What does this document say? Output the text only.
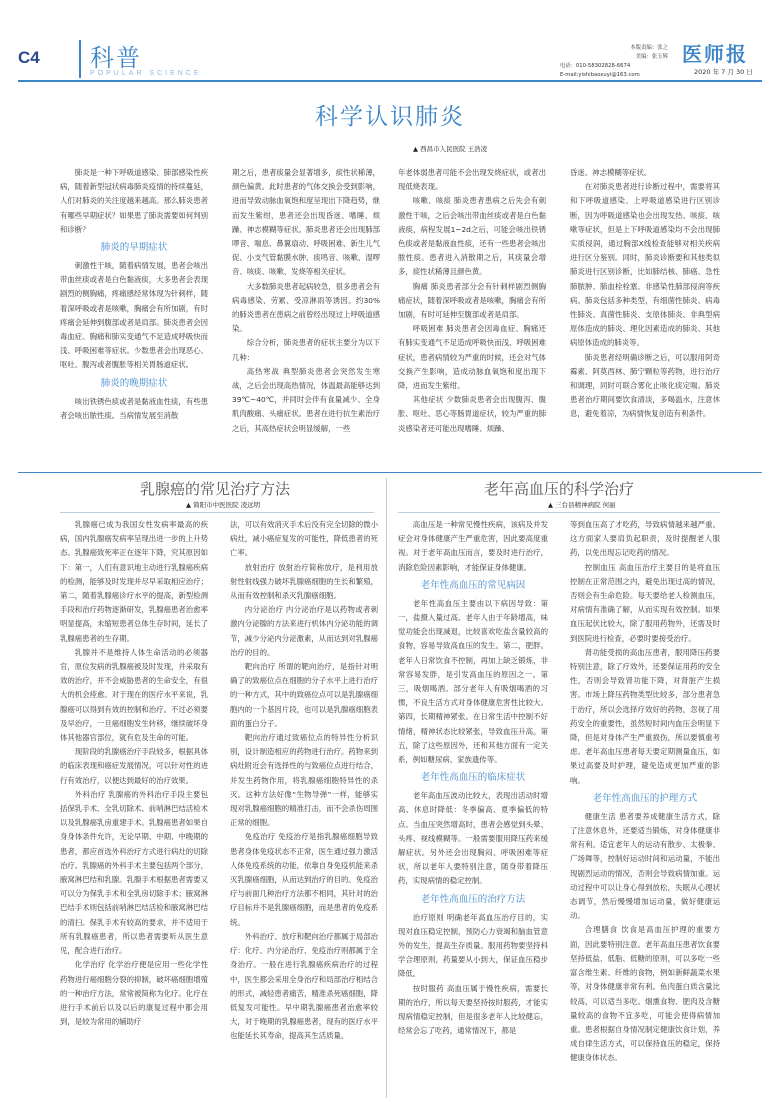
C4 科普
POPULAR SCIENCE
本版责编：张之
美编：张玉辉
电话：010-58302828-6674
E-mail:yishibaoxuyi@163.com
医师报
2020 年 7 月 30 日
科学认识肺炎
▲ 西昌市人民医院 王浩凌

肺炎是一种下呼吸道感染、肺部感染性疾病，随着新型冠状病毒肺炎疫情的持续蔓延，人们对肺炎的关注度越来越高。那么肺炎患者有哪些早期症状？如果患了肺炎需要如何判别和诊断？

肺炎的早期症状

刺激性干咳，随着病情发展，患者会咳出带血丝痰或者是白色黏液痰，大多患者会表现剧烈的侧胸痛，疼痛感经常体现为针刺样，随着深呼吸或者是咳嗽，胸痛会有所加剧，有时疼痛会延伸到腹部或者是肩部。肺炎患者会因毒血症、胸痛和肺实变通气不足造成呼吸快而浅、呼吸困难等症状。少数患者会出现恶心、呕吐、腹泻或者腹胀等相关胃肠道症状。

肺炎的晚期症状

咳出铁锈色痰或者是黏液血性痰，有些患者会咳出脓性痰。当病情发展至消散

期之后，患者痰量会显著增多，痰性状稀薄，颜色偏黄。此时患者的气体交换会受到影响，进而导致动脉血氧饱和度呈现出下降趋势，继而发生紫绀，患者还会出现昏迷、嗜睡、烦躁、神志模糊等症状。肺炎患者还会出现肺部啰音、喘息、鼻翼扇动、呼吸困难、新生儿气促、小支气管黏膜水肿、痰鸣音、咳嗽、湿啰音、咳痰、咳嗽、发烧等相关症状。

大多数肺炎患者起病较急，很多患者会有病毒感染、劳累、受凉淋雨等诱因。约30%的肺炎患者在患病之前曾经出现过上呼吸道感染。

综合分析，肺炎患者的症状主要分为以下几种：

高热寒战 典型肺炎患者会突然发生寒战，之后会出现高热情况，体温最高能够达到39℃~40℃，并同时会伴有食量减少、全身肌肉酸痛、头痛症状。患者在进行抗生素治疗之后，其高热症状会明显缓解，一些

年老体弱患者可能不会出现发烧症状，或者出现低烧表现。

咳嗽、咳痰 肺炎患者患病之后先会有刺激性干咳，之后会咳出带血丝痰或者是白色黏液痰，病程发展1~2d之后，可能会咳出铁锈色痰或者是黏液血性痰，还有一些患者会咳出脓性痰。患者进入消散期之后，其痰量会增多，痰性状稀薄且颜色黄。

胸痛 肺炎患者部分会有针刺样剧烈侧胸痛症状，随着深呼吸或者是咳嗽，胸痛会有所加剧，有时可延伸至腹部或者是肩部。

呼吸困难 肺炎患者会因毒血症、胸痛还有肺实变通气不足造成呼吸快而浅、呼吸困难症状，患者病情较为严重的时候，还会对气体交换产生影响，造成动脉血氧饱和度出现下降，进而发生紫绀。

其他症状 少数肺炎患者会出现腹泻、腹胀、呕吐、恶心等肠胃道症状，较为严重的肺炎感染者还可能出现嗜睡、烦躁、

昏迷、神志模糊等症状。

在对肺炎患者进行诊断过程中，需要将其和下呼吸道感染、上呼吸道感染进行区别诊断，因为呼吸道感染也会出现发热、咳痰、咳嗽等症状，但是上下呼吸道感染均不会出现肺实质侵润，通过胸部X线检查能够对相关疾病进行区分鉴别。同时，肺炎诊断要和其他类似肺炎进行区别诊断，比如肺结核、肺癌、急性肺脓肿、肺血栓栓塞、非感染性肺部侵润等疾病。肺炎包括多种类型，有细菌性肺炎、病毒性肺炎、真菌性肺炎、支原体肺炎、非典型病原体造成的肺炎、理化因素造成的肺炎、其他病原体造成的肺炎等。

肺炎患者经明确诊断之后，可以服用阿奇霉素、阿莫西林、肺宁颗粒等药物，进行治疗和调理，同时可联合雾化止咳化痰定喘。肺炎患者治疗期间要饮食清淡，多喝温水，注意休息，避免着凉，为病情恢复创造有利条件。

乳腺癌的常见治疗方法
▲ 简阳市中医医院 凌远明

乳腺癌已成为我国女性发病率最高的疾病，国内乳腺癌发病率呈现出进一步的上升势态。乳腺癌致死率正在逐年下降，究其原因如下：第一，人们有意识地主动进行乳腺癌疾病的检测，能够及时发现并尽早采取相应治疗；第二，随着乳腺癌诊疗水平的提高，新型检测手段和治疗药物逐渐研发，乳腺癌患者治愈率明显提高，未缩短患者总体生存时间，延长了乳腺癌患者的生存期。

乳腺并不是维持人体生命活动的必须器官，原位发病的乳腺癌被及时发现，并采取有效的治疗，并不会威胁患者的生命安全，有很大的机会痊愈。对于现在的医疗水平来说，乳腺癌可以得到有效的控制和治疗。不过必须要及早治疗，一旦癌细胞发生转移，继续破坏身体其他器官部位，就有危及生命的可能。

现阶段的乳腺癌治疗手段较多，根据具体的临床表现和癌症发展情况，可以针对性的进行有效治疗，以便达到最好的治疗效果。

外科治疗 乳腺癌的外科治疗手段主要包括保乳手术、全乳切除术、前哨淋巴结活检术以及乳腺癌乳房重建手术。乳腺癌患者如果自身身体条件允许，无论早期、中期、中晚期的患者，都应首选外科治疗方式进行病灶的切除治疗。乳腺癌的外科手术主要包括两个部分，腋窝淋巴结和乳腺。乳腺手术根据患者需要又可以分为保乳手术和全乳房切除手术；腋窝淋巴结手术则包括前哨淋巴结活检和腋窝淋巴结的清扫。保乳手术有较高的要求，并不适用于所有乳腺癌患者，所以患者需要听从医生意见，配合进行治疗。

化学治疗 化学治疗便是应用一些化学性药物进行癌细胞分裂的抑制，破坏癌细胞增殖的一种治疗方法，常常被简称为化疗。化疗在进行手术前后以及以后的康复过程中都会用到，是较为常用的辅助疗

法，可以有效消灭手术后没有完全切除的微小病灶，减小癌症复发的可能性，降低患者的死亡率。

放射治疗 放射治疗简称放疗，是利用放射性射线强力破坏乳腺癌细胞的生长和繁殖，从而有效控制和杀灭乳腺癌细胞。

内分泌治疗 内分泌治疗是以药物或者刺激内分泌腺的方法来进行机体内分泌功能的调节，减少分泌内分泌激素，从而达到对乳腺癌治疗的目的。

靶向治疗 所谓的靶向治疗，是指针对明确了的致癌位点在细胞的分子水平上进行治疗的一种方式，其中的致癌位点可以是乳腺癌细胞内的一个基因片段，也可以是乳腺癌细胞表面的蛋白分子。

靶向治疗通过致癌位点的特异性分析识别，设计制造相应的药物进行治疗。药物来到病灶附近会有选择性的与致癌位点进行结合，并发生药物作用，将乳腺癌细胞特异性的杀灭。这种方法好像“生物导弹”一样，能够实现对乳腺癌细胞的精准打击，而不会杀伤周围正常的细胞。

免疫治疗 免疫治疗是指乳腺癌细胞导致患者身体免疫状态不正常，医生通过强力激活人体免疫系统的功能，依靠自身免疫机能来杀灭乳腺癌细胞，从而达到治疗的目的。免疫治疗与前面几种治疗方法都不相同，其针对的治疗目标并不是乳腺癌细胞，而是患者的免疫系统。

外科治疗、放疗和靶向治疗都属于局部治疗：化疗、内分泌治疗、免疫治疗则都属于全身治疗。一般在进行乳腺癌疾病治疗的过程中，医生都会采用全身治疗和局部治疗相结合的形式，减轻患者痛苦，精准杀死癌细胞，降低复发可能性。早中期乳腺癌患者治愈率较大，对于晚期的乳腺癌患者，现有的医疗水平也能延长其寿命，提高其生活质量。

老年高血压的科学治疗
▲ 三台县精神病院 何丽

高血压是一种常见慢性疾病，该病及并发症会对身体健康产生严重危害，因此要高度重视。对于老年高血压而言，要及时进行治疗，消除危险因素影响，才能保证身体健康。

老年性高血压的常见病因

老年性高血压主要由以下病因导致：第一，盐摄入量过高。老年人由于年龄增高，味觉功能会出现减退，比较喜欢吃盐含量较高的食物，容易导致高血压的发生。第二，肥胖。老年人日常饮食不控制，再加上缺乏锻炼，非常容易发胖，是引发高血压的原因之一。第三，吸烟喝酒。部分老年人有吸烟喝酒的习惯，不良生活方式对身体健康危害性比较大。第四，长期精神紧张。在日常生活中控制不好情绪，精神状态比较紧张，导致血压升高。第五，除了这些原因外，还和其他方面有一定关系，例如糖尿病、家族遗传等。

老年性高血压的临床症状

老年高血压波动比较大，表现出活动时增高、休息时降低：冬季偏高、夏季偏低的特点。当血压突然增高时，患者会感觉到头晕、头疼、视线模糊等。一般需要服用降压药来缓解症状。另外还会出现胸闷、呼吸困难等症状，所以老年人要特别注意，随身带着降压药，实现病情的稳定控制。

老年性高血压的治疗方法

治疗原则 明确老年高血压治疗目的，实现对血压稳定控制，预防心力衰竭和脑血管意外的发生，提高生存质量。服用药物要坚持科学合理原则，药量要从小到大，保证血压稳步降低。

按时服药 高血压属于慢性疾病，需要长期的治疗，所以每天要坚持按时服药，才能实现病情稳定控制，但是很多老年人比较健忘，经常会忘了吃药，通常情况下，都是

等到血压高了才吃药，导致病情越来越严重。这方面家人要肩负起职责，及时提醒老人服药，以免出现忘记吃药的情况。

控制血压 高血压治疗主要目的是将血压控制在正常范围之内，避免出现过高的情况，否则会有生命危险。每天要给老人检测血压，对病情有准确了解，从而实现有效控制。如果血压起伏比较大，除了服用药物外，还需及时到医院进行检查，必要时要接受治疗。

肾功能受损的高血压患者，服用降压药要特别注意，除了疗效外，还要保证用药的安全性，否则会导致肾功能下降，对肾脏产生损害。市场上降压药物类型比较多，部分患者急于治疗，所以会选择疗效好的药物，忽视了用药安全的重要性，虽然短时间内血压会明显下降，但是对身体产生严重损伤，所以要慎重考虑。老年高血压患者每天要定期测量血压，如果过高要及时护理，避免造成更加严重的影响。

老年性高血压的护理方式

健康生活 患者要养成健康生活方式，除了注意休息外，还要适当锻炼，对身体健康非常有利。适宜老年人的运动有散步、太极拳、广场舞等，控制好运动时间和运动量，不能出现剧烈运动的情况，否则会导致病情加重。运动过程中可以让身心得到放松，失眠从心理状态调节，然后慢慢增加运动量，做好健康运动。

合理膳食 饮食是高血压护理的重要方面，因此要特别注意。老年高血压患者饮食要坚持低盐、低脂、低糖的原则，可以多吃一些富含维生素、纤维的食物，例如新鲜蔬菜水果等，对身体健康非常有利。鱼肉蛋白质含量比较高，可以适当多吃。烟熏食物、肥肉及含糖量较高的食物不宜多吃，可能会使得病情加重。患者根据自身情况制定健康饮食计划，养成自律生活方式，可以保持血压的稳定，保持健康身体状态。
